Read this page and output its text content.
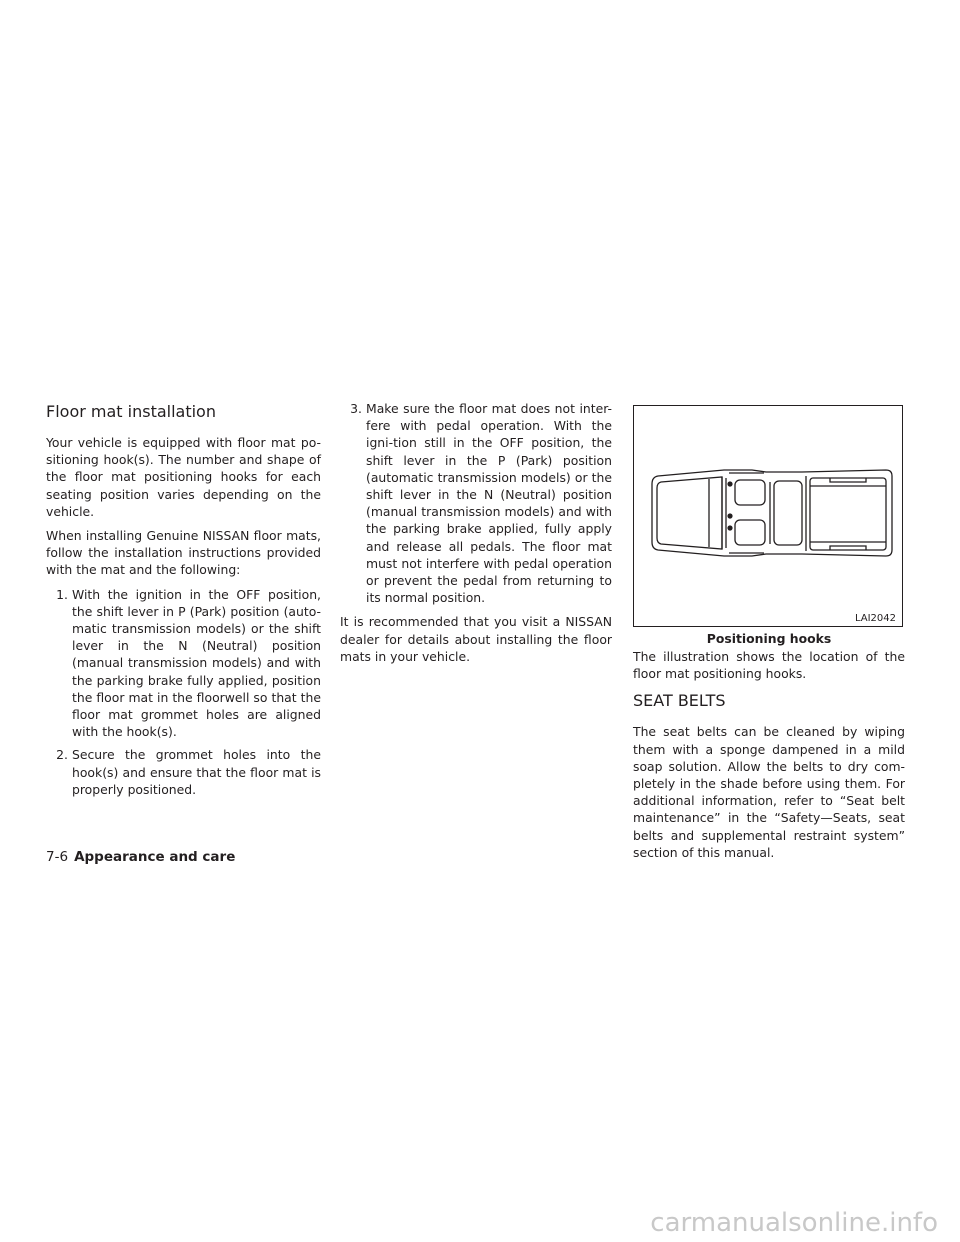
Floor mat installation

Your vehicle is equipped with floor mat po-sitioning hook(s). The number and shape of the floor mat positioning hooks for each seating position varies depending on the vehicle.

When installing Genuine NISSAN floor mats, follow the installation instructions provided with the mat and the following:

1. With the ignition in the OFF position, the shift lever in P (Park) position (auto-matic transmission models) or the shift lever in the N (Neutral) position (manual transmission models) and with the parking brake fully applied, position the floor mat in the floorwell so that the floor mat grommet holes are aligned with the hook(s).
2. Secure the grommet holes into the hook(s) and ensure that the floor mat is properly positioned.
3. Make sure the floor mat does not inter-fere with pedal operation. With the igni-tion still in the OFF position, the shift lever in the P (Park) position (automatic transmission models) or the shift lever in the N (Neutral) position (manual transmission models) and with the parking brake applied, fully apply and release all pedals. The floor mat must not interfere with pedal operation or prevent the pedal from returning to its normal position.

It is recommended that you visit a NISSAN dealer for details about installing the floor mats in your vehicle.

LAI2042
Positioning hooks

The illustration shows the location of the floor mat positioning hooks.

SEAT BELTS

The seat belts can be cleaned by wiping them with a sponge dampened in a mild soap solution. Allow the belts to dry com-pletely in the shade before using them. For additional information, refer to “Seat belt maintenance” in the “Safety—Seats, seat belts and supplemental restraint system” section of this manual.

7-6 Appearance and care
carmanualsonline.info
